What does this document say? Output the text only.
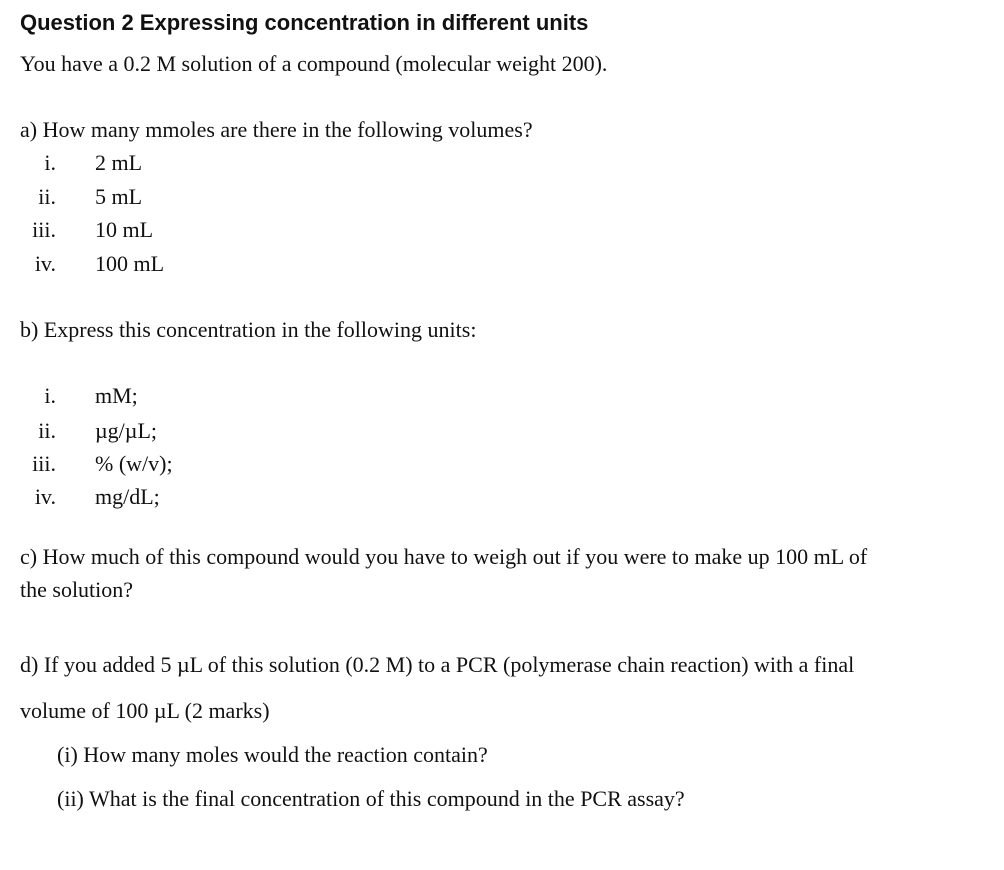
Question 2 Expressing concentration in different units
You have a 0.2 M solution of a compound (molecular weight 200).
a) How many mmoles are there in the following volumes?
i. 2 mL
ii. 5 mL
iii. 10 mL
iv. 100 mL
b) Express this concentration in the following units:
i. mM;
ii. µg/µL;
iii. % (w/v);
iv. mg/dL;
c) How much of this compound would you have to weigh out if you were to make up 100 mL of
the solution?
d) If you added 5 µL of this solution (0.2 M) to a PCR (polymerase chain reaction) with a final
volume of 100 µL (2 marks)
(i) How many moles would the reaction contain?
(ii) What is the final concentration of this compound in the PCR assay?
